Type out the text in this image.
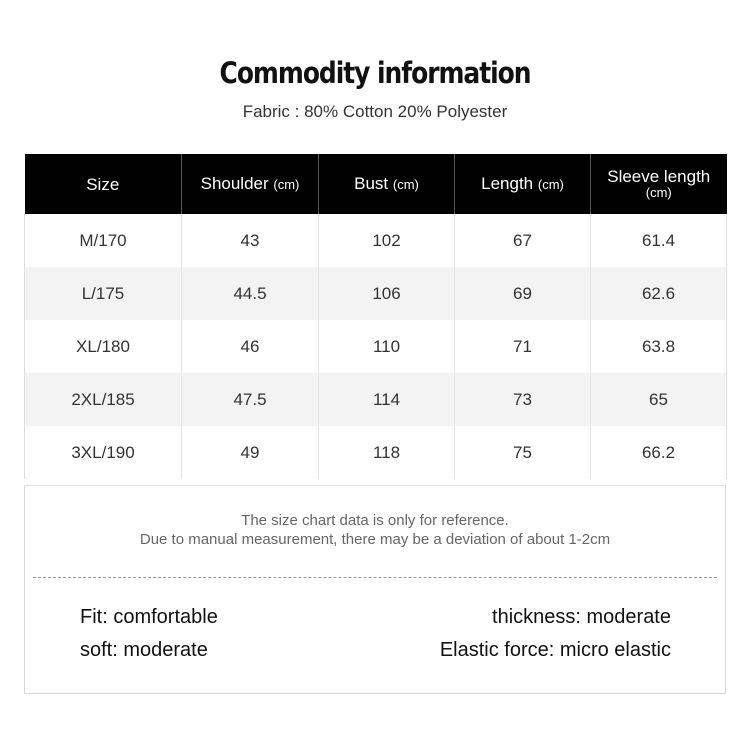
Commodity information
Fabric : 80% Cotton 20% Polyester
Size	Shoulder (cm)	Bust (cm)	Length (cm)	Sleeve length
(cm)
M/170	43	102	67	61.4
L/175	44.5	106	69	62.6
XL/180	46	110	71	63.8
2XL/185	47.5	114	73	65
3XL/190	49	118	75	66.2
The size chart data is only for reference.
Due to manual measurement, there may be a deviation of about 1-2cm
Fit: comfortable
soft: moderate
thickness: moderate
Elastic force: micro elastic
